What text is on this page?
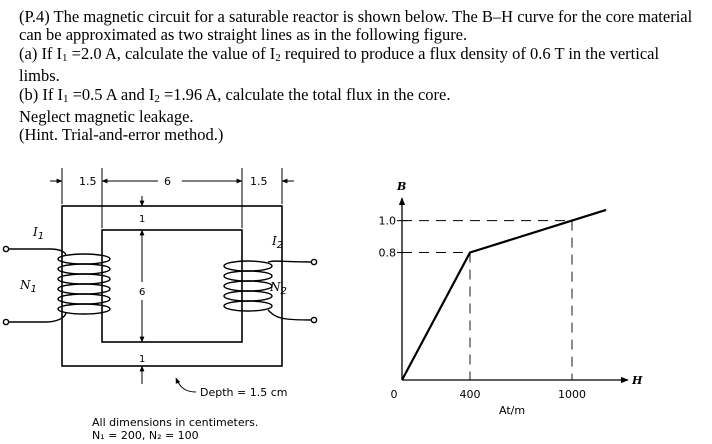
(P.4) The magnetic circuit for a saturable reactor is shown below. The B–H curve for the core material can be approximated as two straight lines as in the following figure.

(a) If I1 =2.0 A, calculate the value of I2 required to produce a flux density of 0.6 T in the vertical limbs.

(b) If I1 =0.5 A and I2 =1.96 A, calculate the total flux in the core.

Neglect magnetic leakage.

(Hint. Trial-and-error method.)

1.5	6	1.5
1
6
1
$I_1$
$N_1$
$I_2$
$N_2$
Depth = 1.5 cm
B
H
At/m
0.8
1.0
0	400	1000
All dimensions in centimeters.
N₁ = 200, N₂ = 100
